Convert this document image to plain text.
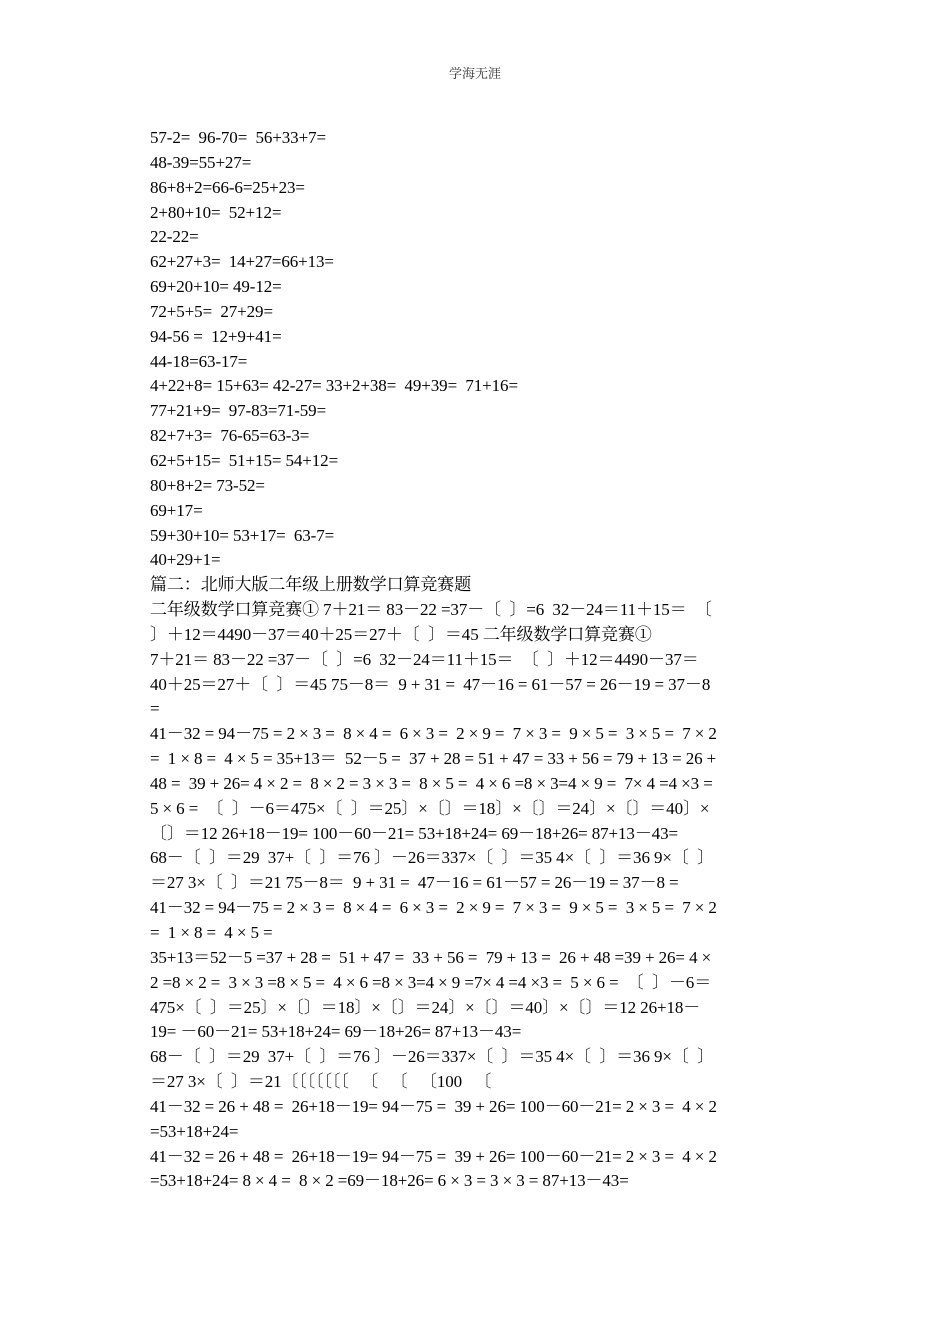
学海无涯
57-2=  96-70=  56+33+7=
48-39=55+27=
86+8+2=66-6=25+23=
2+80+10=  52+12=
22-22=
62+27+3=  14+27=66+13=
69+20+10= 49-12=
72+5+5=  27+29=
94-56 =  12+9+41=
44-18=63-17=
4+22+8= 15+63= 42-27= 33+2+38=  49+39=  71+16=
77+21+9=  97-83=71-59=
82+7+3=  76-65=63-3=
62+5+15=  51+15= 54+12=
80+8+2= 73-52=
69+17=
59+30+10= 53+17=  63-7=
40+29+1=
篇二：北师大版二年级上册数学口算竞赛题
二年级数学口算竞赛① 7＋21＝ 83－22 =37－〔  〕=6  32－24＝11＋15＝  〔
〕＋12＝4490－37＝40＋25＝27＋〔  〕＝45 二年级数学口算竞赛①
7＋21＝ 83－22 =37－〔  〕=6  32－24＝11＋15＝  〔  〕＋12＝4490－37＝
40＋25＝27＋〔  〕＝45 75－8＝  9 + 31 =  47－16 = 61－57 = 26－19 = 37－8
=
41－32 = 94－75 = 2 × 3 =  8 × 4 =  6 × 3 =  2 × 9 =  7 × 3 =  9 × 5 =  3 × 5 =  7 × 2
=  1 × 8 =  4 × 5 = 35+13＝  52－5 =  37 + 28 = 51 + 47 = 33 + 56 = 79 + 13 = 26 +
48 =  39 + 26= 4 × 2 =  8 × 2 = 3 × 3 =  8 × 5 =  4 × 6 =8 × 3=4 × 9 =  7× 4 =4 ×3 =
5 × 6 =  〔  〕－6＝475×〔  〕＝25〕×〔〕＝18〕×〔〕＝24〕×〔〕＝40〕×
〔〕＝12 26+18－19= 100－60－21= 53+18+24= 69－18+26= 87+13－43=
68－〔  〕＝29  37+〔  〕＝76 〕－26＝337×〔  〕＝35 4×〔  〕＝36 9×〔  〕
＝27 3×〔  〕＝21 75－8＝  9 + 31 =  47－16 = 61－57 = 26－19 = 37－8 =
41－32 = 94－75 = 2 × 3 =  8 × 4 =  6 × 3 =  2 × 9 =  7 × 3 =  9 × 5 =  3 × 5 =  7 × 2
=  1 × 8 =  4 × 5 =
35+13＝52－5 =37 + 28 =  51 + 47 =  33 + 56 =  79 + 13 =  26 + 48 =39 + 26= 4 ×
2 =8 × 2 =  3 × 3 =8 × 5 =  4 × 6 =8 × 3=4 × 9 =7× 4 =4 ×3 =  5 × 6 =  〔  〕－6＝
475×〔  〕＝25〕×〔〕＝18〕×〔〕＝24〕×〔〕＝40〕×〔〕＝12 26+18－
19= －60－21= 53+18+24= 69－18+26= 87+13－43=
68－〔  〕＝29  37+〔  〕＝76 〕－26＝337×〔  〕＝35 4×〔  〕＝36 9×〔  〕
＝27 3×〔  〕＝21〔〔〔〔〔〔〔   〔   〔   〔100   〔
41－32 = 26 + 48 =  26+18－19= 94－75 =  39 + 26= 100－60－21= 2 × 3 =  4 × 2
=53+18+24=
41－32 = 26 + 48 =  26+18－19= 94－75 =  39 + 26= 100－60－21= 2 × 3 =  4 × 2
=53+18+24= 8 × 4 =  8 × 2 =69－18+26= 6 × 3 = 3 × 3 = 87+13－43=
